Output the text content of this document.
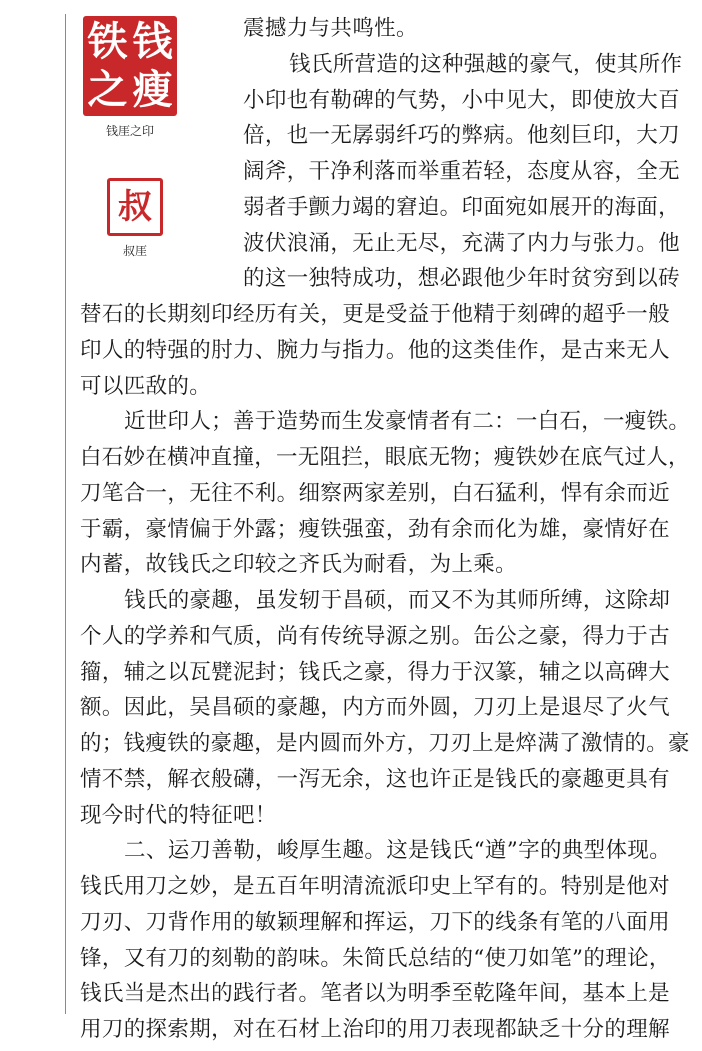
钱
瘦
铁
之
钱厓之印
叔
叔厓
震撼力与共鸣性。
钱氏所营造的这种强越的豪气，使其所作
小印也有勒碑的气势，小中见大，即使放大百
倍，也一无孱弱纤巧的弊病。他刻巨印，大刀
阔斧，干净利落而举重若轻，态度从容，全无
弱者手颤力竭的窘迫。印面宛如展开的海面，
波伏浪涌，无止无尽，充满了内力与张力。他
的这一独特成功，想必跟他少年时贫穷到以砖
替石的长期刻印经历有关，更是受益于他精于刻碑的超乎一般
印人的特强的肘力、腕力与指力。他的这类佳作，是古来无人
可以匹敌的。
近世印人；善于造势而生发豪情者有二：一白石，一瘦铁。
白石妙在横冲直撞，一无阻拦，眼底无物；瘦铁妙在底气过人，
刀笔合一，无往不利。细察两家差别，白石猛利，悍有余而近
于霸，豪情偏于外露；瘦铁强蛮，劲有余而化为雄，豪情好在
内蓄，故钱氏之印较之齐氏为耐看，为上乘。
钱氏的豪趣，虽发轫于昌硕，而又不为其师所缚，这除却
个人的学养和气质，尚有传统导源之别。缶公之豪，得力于古
籀，辅之以瓦甓泥封；钱氏之豪，得力于汉篆，辅之以高碑大
额。因此，吴昌硕的豪趣，内方而外圆，刀刃上是退尽了火气
的；钱瘦铁的豪趣，是内圆而外方，刀刃上是焠满了激情的。豪
情不禁，解衣般礴，一泻无余，这也许正是钱氏的豪趣更具有
现今时代的特征吧！
二、运刀善勒，峻厚生趣。这是钱氏“遒”字的典型体现。
钱氏用刀之妙，是五百年明清流派印史上罕有的。特别是他对
刀刃、刀背作用的敏颖理解和挥运，刀下的线条有笔的八面用
锋，又有刀的刻勒的韵味。朱简氏总结的“使刀如笔”的理论，
钱氏当是杰出的践行者。笔者以为明季至乾隆年间，基本上是
用刀的探索期，对在石材上治印的用刀表现都缺乏十分的理解
